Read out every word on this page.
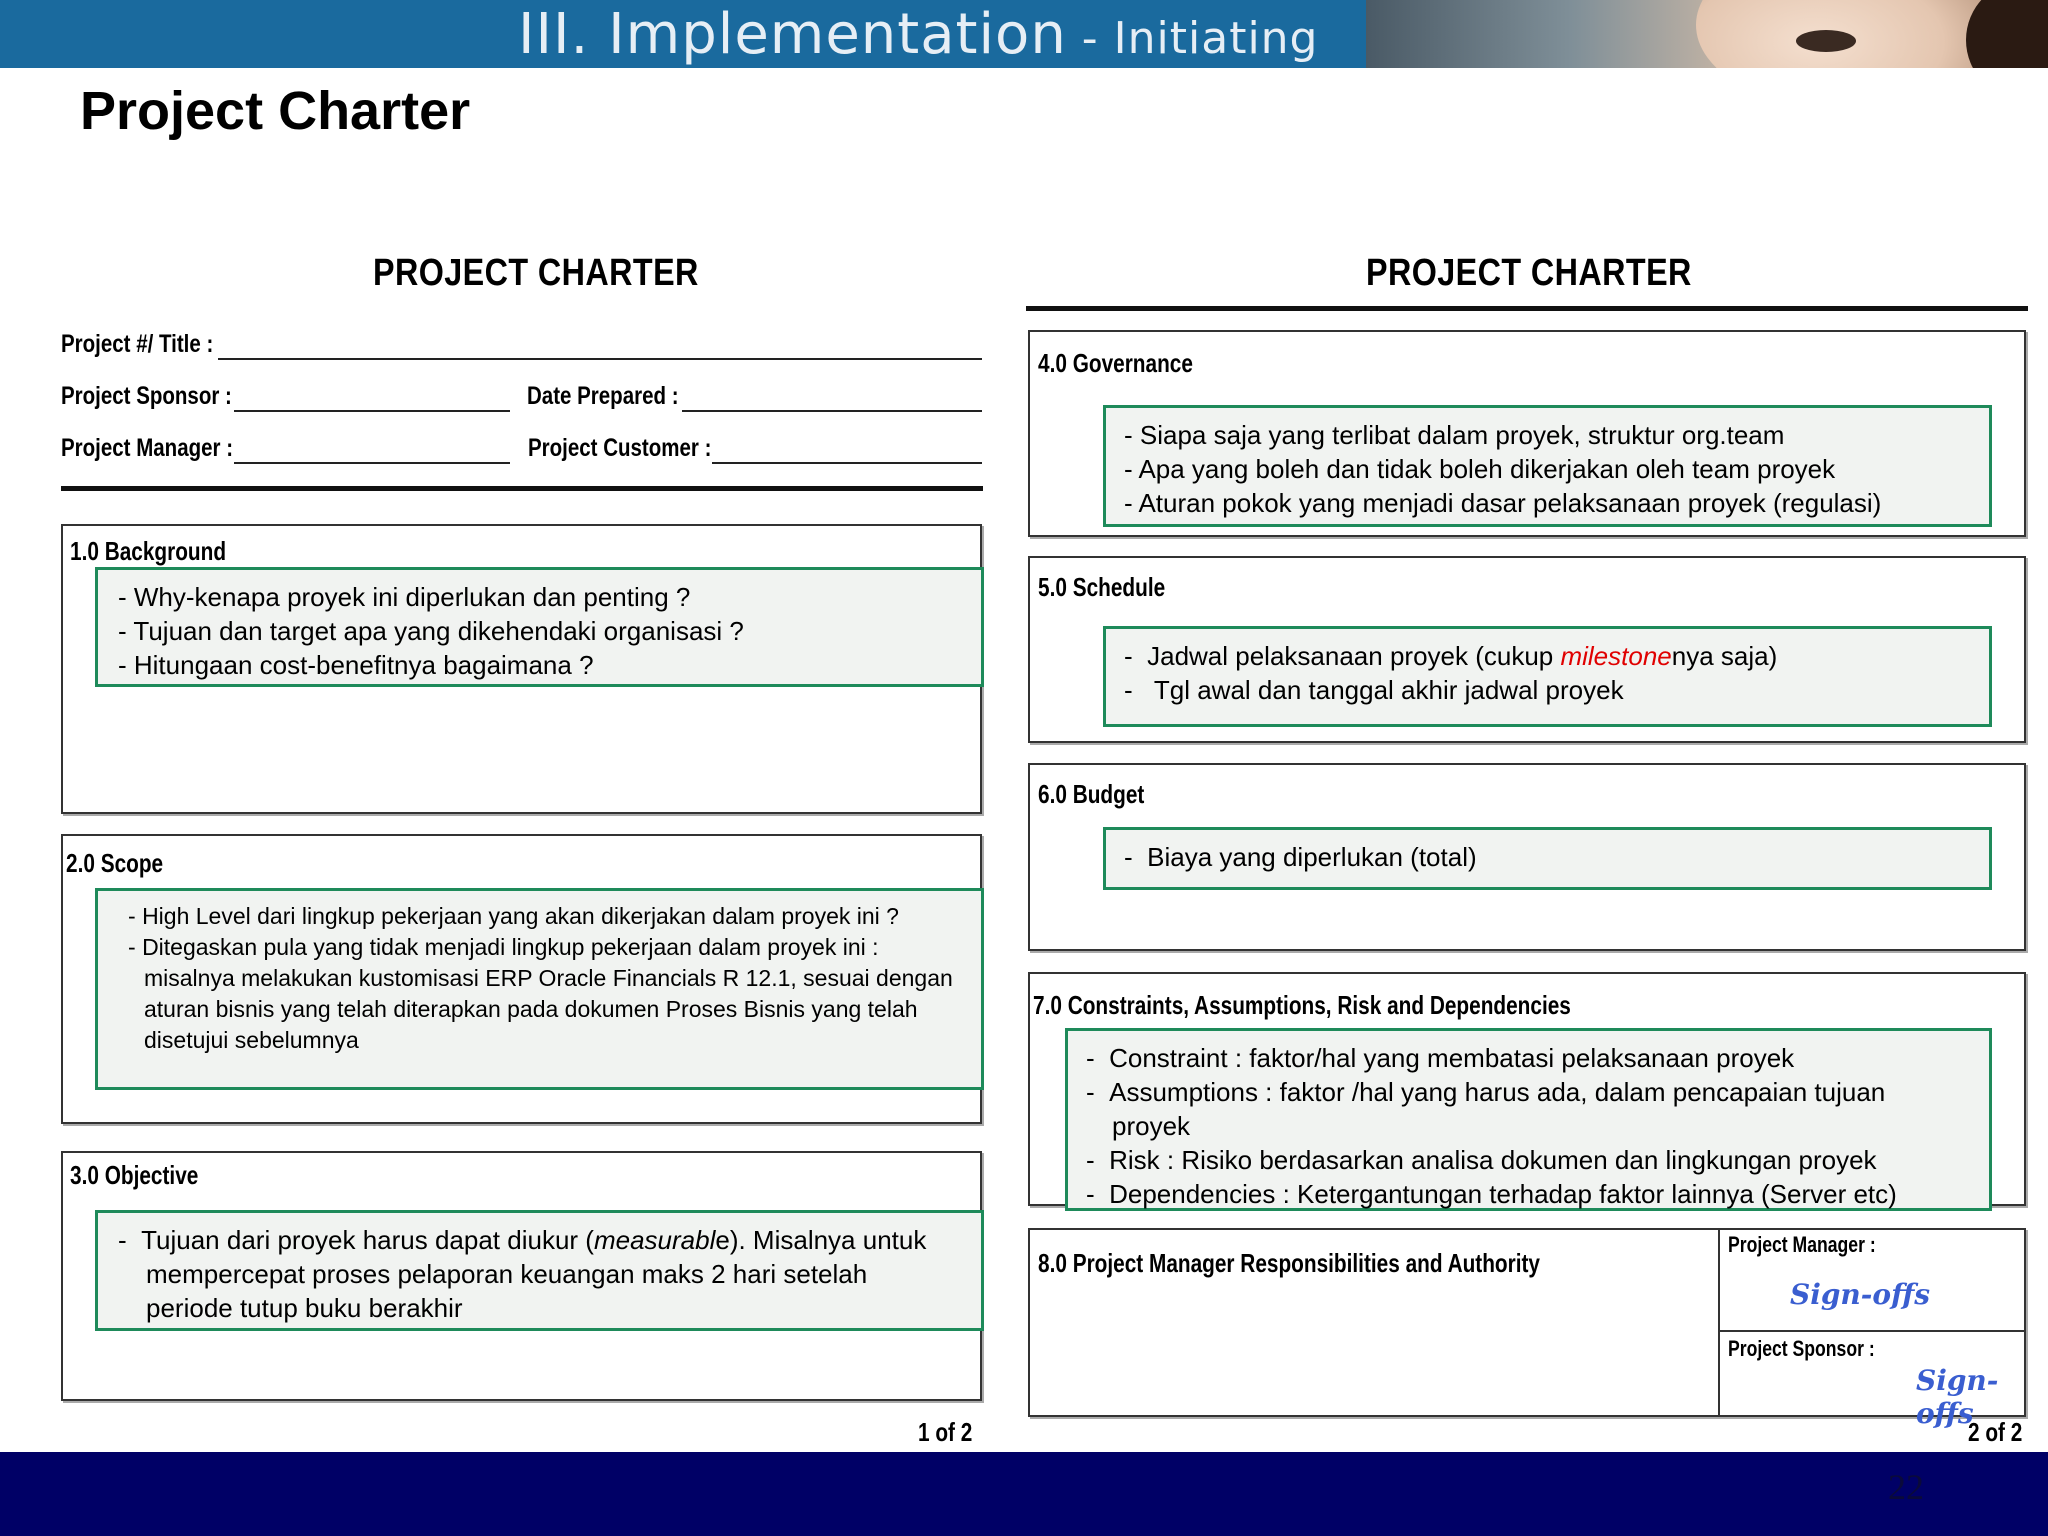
III. Implementation - Initiating
Project Charter
PROJECT CHARTER
Project #/ Title :
Project Sponsor :	Date Prepared :
Project Manager :	Project Customer :
1.0 Background
- Why-kenapa proyek ini diperlukan dan penting ?
- Tujuan dan target apa yang dikehendaki organisasi ?
- Hitungaan cost-benefitnya bagaimana ?
2.0 Scope
- High Level dari lingkup pekerjaan yang akan dikerjakan dalam proyek ini ?
- Ditegaskan pula yang tidak menjadi lingkup pekerjaan dalam proyek ini : misalnya melakukan kustomisasi ERP Oracle Financials R 12.1, sesuai dengan aturan bisnis yang telah diterapkan pada dokumen Proses Bisnis yang telah disetujui sebelumnya
3.0 Objective
-  Tujuan dari proyek harus dapat diukur (measurable). Misalnya untuk mempercepat proses pelaporan keuangan maks 2 hari setelah periode tutup buku berakhir
1 of 2
PROJECT CHARTER
4.0 Governance
- Siapa saja yang terlibat dalam proyek, struktur org.team
- Apa yang boleh dan tidak boleh dikerjakan oleh team proyek
- Aturan pokok yang menjadi dasar pelaksanaan proyek (regulasi)
5.0 Schedule
-  Jadwal pelaksanaan proyek (cukup milestonenya saja)
-   Tgl awal dan tanggal akhir jadwal proyek
6.0 Budget
-  Biaya yang diperlukan (total)
7.0 Constraints, Assumptions, Risk and Dependencies
-  Constraint : faktor/hal yang membatasi pelaksanaan proyek
-  Assumptions : faktor /hal yang harus ada, dalam pencapaian tujuan proyek
-  Risk : Risiko berdasarkan analisa dokumen dan lingkungan proyek
-  Dependencies : Ketergantungan terhadap faktor lainnya (Server etc)
8.0 Project Manager Responsibilities and Authority
Project Manager :
Sign-offs
Project Sponsor :
Sign-offs
2 of 2
22
